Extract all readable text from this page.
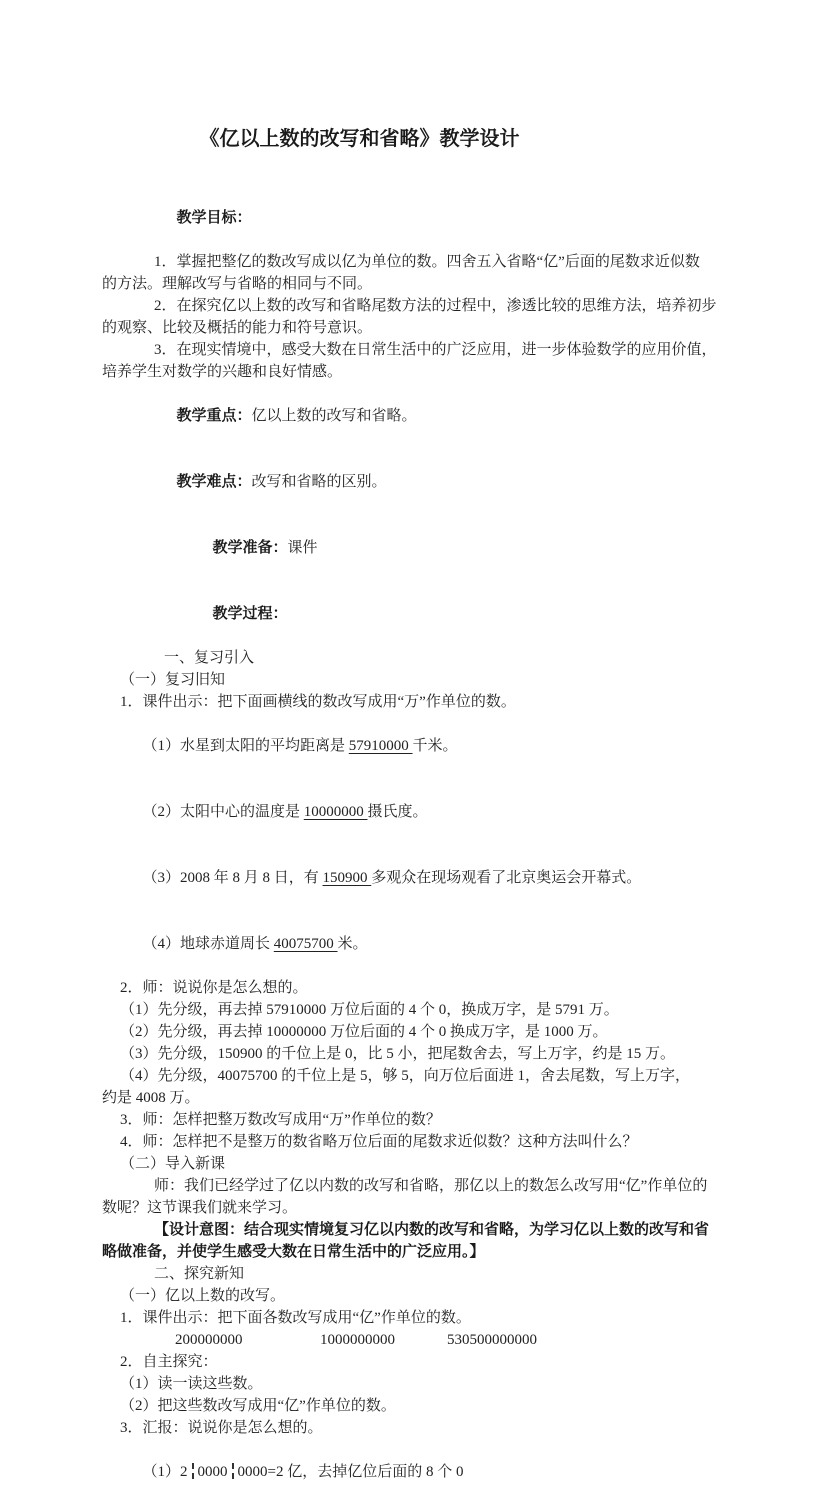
《亿以上数的改写和省略》教学设计

教学目标：

1．掌握把整亿的数改写成以亿为单位的数。四舍五入省略“亿”后面的尾数求近似数
的方法。理解改写与省略的相同与不同。
2．在探究亿以上数的改写和省略尾数方法的过程中，渗透比较的思维方法，培养初步
的观察、比较及概括的能力和符号意识。
3．在现实情境中，感受大数在日常生活中的广泛应用，进一步体验数学的应用价值，
培养学生对数学的兴趣和良好情感。

教学重点：亿以上数的改写和省略。

教学难点：改写和省略的区别。

教学准备：课件

教学过程：

一、复习引入
（一）复习旧知
1．课件出示：把下面画横线的数改写成用“万”作单位的数。

（1）水星到太阳的平均距离是 57910000 千米。

（2）太阳中心的温度是 10000000 摄氏度。

（3）2008 年 8 月 8 日，有 150900 多观众在现场观看了北京奥运会开幕式。

（4）地球赤道周长 40075700 米。

2．师：说说你是怎么想的。
（1）先分级，再去掉 57910000 万位后面的 4 个 0，换成万字，是 5791 万。
（2）先分级，再去掉 10000000 万位后面的 4 个 0 换成万字，是 1000 万。
（3）先分级，150900 的千位上是 0，比 5 小，把尾数舍去，写上万字，约是 15 万。
（4）先分级，40075700 的千位上是 5，够 5，向万位后面进 1，舍去尾数，写上万字，
约是 4008 万。
3．师：怎样把整万数改写成用“万”作单位的数？
4．师：怎样把不是整万的数省略万位后面的尾数求近似数？这种方法叫什么？
（二）导入新课
师：我们已经学过了亿以内数的改写和省略，那亿以上的数怎么改写用“亿”作单位的
数呢？这节课我们就来学习。
【设计意图：结合现实情境复习亿以内数的改写和省略，为学习亿以上数的改写和省
略做准备，并使学生感受大数在日常生活中的广泛应用。】
二、探究新知
（一）亿以上数的改写。
1．课件出示：把下面各数改写成用“亿”作单位的数。

200000000

	1000000000

	530500000000

2．自主探究：
（1）读一读这些数。
（2）把这些数改写成用“亿”作单位的数。
3．汇报：说说你是怎么想的。

（1）2 0000 0000=2 亿，去掉亿位后面的 8 个 0
